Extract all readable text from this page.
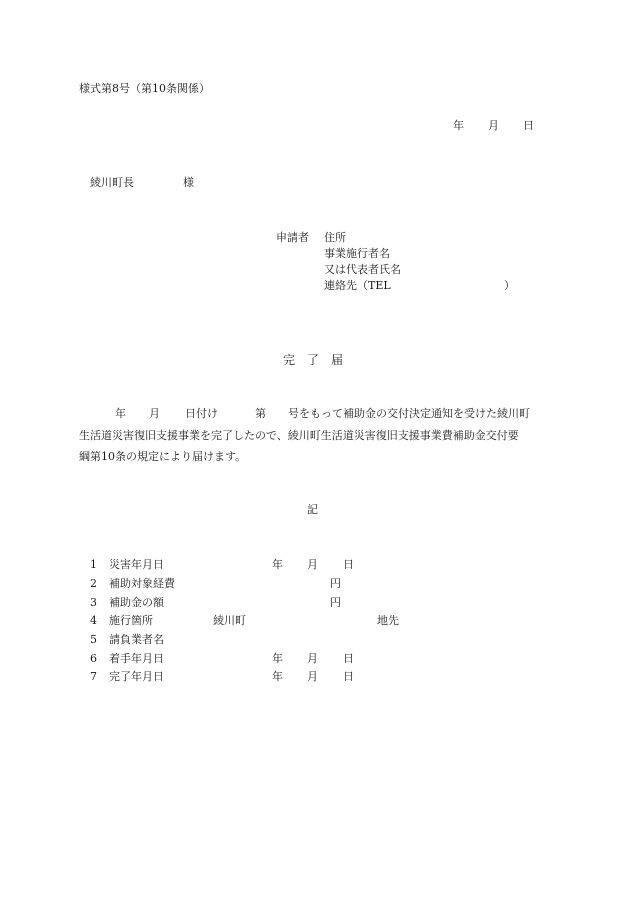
様式第8号（第10条関係）
年 月 日
綾川町長	様
申請者 住所
事業施行者名
又は代表者氏名
連絡先（TEL	）
完　了　届
年 月 日付け	第 号をもって補助金の交付決定通知を受けた綾川町
生活道災害復旧支援事業を完了したので、綾川町生活道災害復旧支援事業費補助金交付要
綱第10条の規定により届けます。
記
1 災害年月日	年 月 日
2 補助対象経費	円
3 補助金の額	円
4 施行箇所	綾川町	地先
5 請負業者名
6 着手年月日	年 月 日
7 完了年月日	年 月 日
